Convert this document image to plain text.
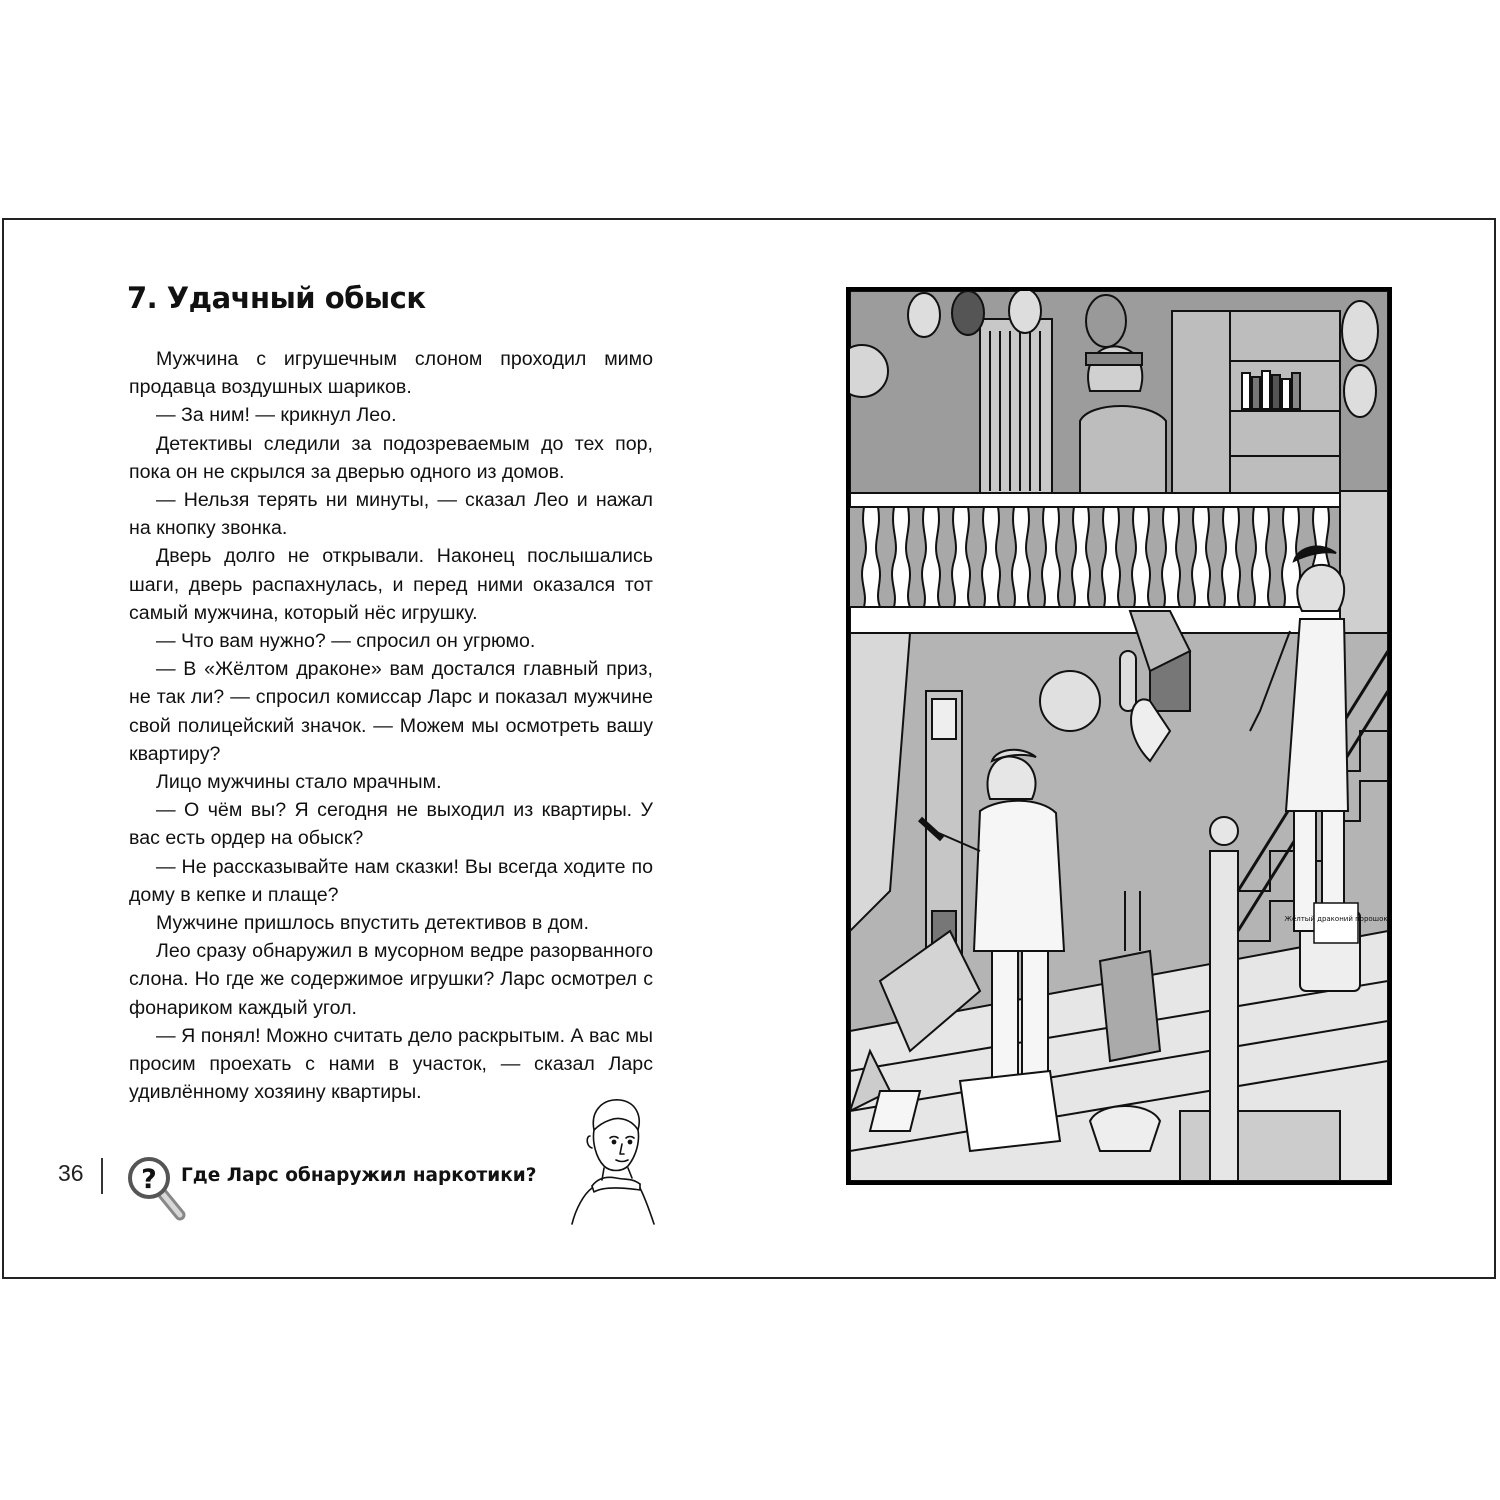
7. Удачный обыск

Мужчина с игрушечным слоном проходил мимо продавца воздушных шариков.

— За ним! — крикнул Лео.

Детективы следили за подозреваемым до тех пор, пока он не скрылся за дверью одного из домов.

— Нельзя терять ни минуты, — сказал Лео и нажал на кнопку звонка.

Дверь долго не открывали. Наконец послышались шаги, дверь распахнулась, и перед ними оказался тот самый мужчина, который нёс игрушку.

— Что вам нужно? — спросил он угрюмо.

— В «Жёлтом драконе» вам достался главный приз, не так ли? — спросил комиссар Ларс и показал мужчине свой полицейский значок. — Можем мы осмотреть вашу квартиру?

Лицо мужчины стало мрачным.

— О чём вы? Я сегодня не выходил из квартиры. У вас есть ордер на обыск?

— Не рассказывайте нам сказки! Вы всегда ходите по дому в кепке и плаще?

Мужчине пришлось впустить детективов в дом.

Лео сразу обнаружил в мусорном ведре разорванного слона. Но где же содержимое игрушки? Ларс осмотрел с фонариком каждый угол.

— Я понял! Можно считать дело раскрытым. А вас мы просим проехать с нами в участок, — сказал Ларс удивлённому хозяину квартиры.

36 ? Где Ларс обнаружил наркотики?
Жёлтый драконий порошок
